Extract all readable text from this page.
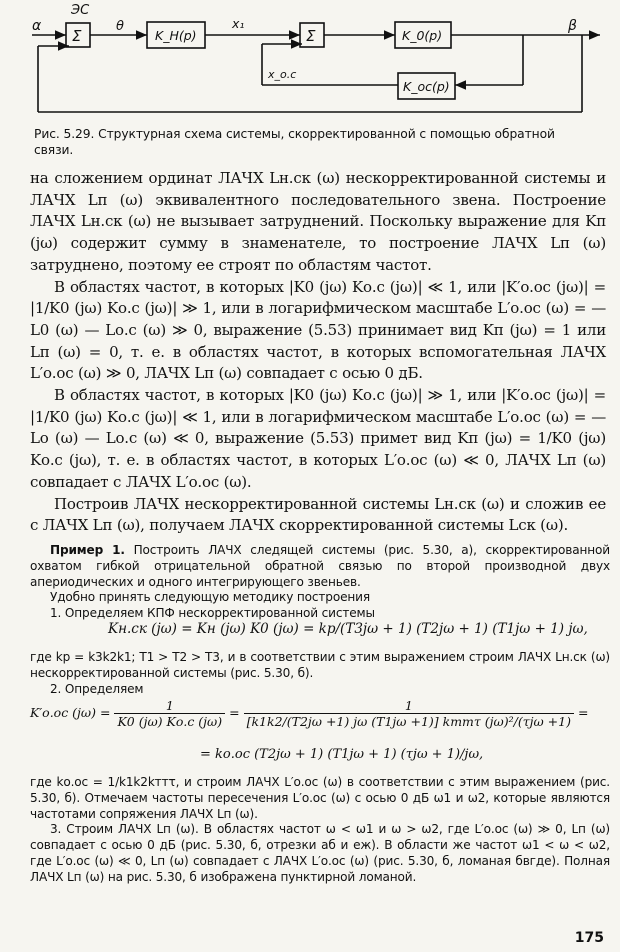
ЭС
α
Σ
θ
K_Н(p)
x₁
Σ	K_0(p)
β
x_о.с
K_ос(p)
Рис. 5.29. Структурная схема системы, скорректированной с помощью обратной связи.

на сложением ординат ЛАЧХ Lн.ск (ω) нескорректированной системы и ЛАЧХ Lп (ω) эквивалентного последовательного звена. Построение ЛАЧХ Lн.ск (ω) не вызывает затруднений. Поскольку выражение для Kп (jω) содержит сумму в знаменателе, то построение ЛАЧХ Lп (ω) затруднено, поэтому ее строят по областям частот.

В областях частот, в которых |K0 (jω) Kо.с (jω)| ≪ 1, или |K′о.ос (jω)| = |1/K0 (jω) Kо.с (jω)| ≫ 1, или в логарифмическом масштабе L′о.ос (ω) = — L0 (ω) — Lо.с (ω) ≫ 0, выражение (5.53) принимает вид Kп (jω) = 1 или Lп (ω) = 0, т. е. в областях частот, в которых вспомогательная ЛАЧХ L′о.ос (ω) ≫ 0, ЛАЧХ Lп (ω) совпадает с осью 0 дБ.

В областях частот, в которых |K0 (jω) Kо.с (jω)| ≫ 1, или |K′о.ос (jω)| = |1/K0 (jω) Kо.с (jω)| ≪ 1, или в логарифмическом масштабе L′о.ос (ω) = — Lо (ω) — Lо.с (ω) ≪ 0, выражение (5.53) примет вид Kп (jω) = 1/K0 (jω) Kо.с (jω), т. е. в областях частот, в которых L′о.ос (ω) ≪ 0, ЛАЧХ Lп (ω) совпадает с ЛАЧХ L′о.ос (ω).

Построив ЛАЧХ нескорректированной системы Lн.ск (ω) и сложив ее с ЛАЧХ Lп (ω), получаем ЛАЧХ скорректированной системы Lск (ω).

Пример 1. Построить ЛАЧХ следящей системы (рис. 5.30, а), скорректированной охватом гибкой отрицательной обратной связью по второй производной двух апериодических и одного интегрирующего звеньев.

Удобно принять следующую методику построения

1. Определяем КПФ нескорректированной системы

Kн.ск (jω) = Kн (jω) K0 (jω) = kр/(T3jω + 1) (T2jω + 1) (T1jω + 1) jω,

где kр = k3k2k1; T1 > T2 > T3, и в соответствии с этим выражением строим ЛАЧХ Lн.ск (ω) нескорректированной системы (рис. 5.30, б).

2. Определяем

K′о.ос $(j\omega) = \frac{1}{K0 (j\omega) Kо.с (j\omega)} = \frac{1}{\text{[k1k2/(T2jω +1) jω (T1jω +1)] kттτ (jω)²/(τjω +1)}}$ =
= kо.ос (T2jω + 1) (T1jω + 1) (τjω + 1)/jω,

где kо.ос = 1/k1k2kттτ, и строим ЛАЧХ L′о.ос (ω) в соответствии с этим выражением (рис. 5.30, б). Отмечаем частоты пересечения L′о.ос (ω) с осью 0 дБ ω1 и ω2, которые являются частотами сопряжения ЛАЧХ Lп (ω).

3. Строим ЛАЧХ Lп (ω). В областях частот ω < ω1 и ω > ω2, где L′о.ос (ω) ≫ 0, Lп (ω) совпадает с осью 0 дБ (рис. 5.30, б, отрезки аб и еж). В области же частот ω1 < ω < ω2, где L′о.ос (ω) ≪ 0, Lп (ω) совпадает с ЛАЧХ L′о.ос (ω) (рис. 5.30, б, ломаная бвгде). Полная ЛАЧХ Lп (ω) на рис. 5.30, б изображена пунктирной ломаной.

175
